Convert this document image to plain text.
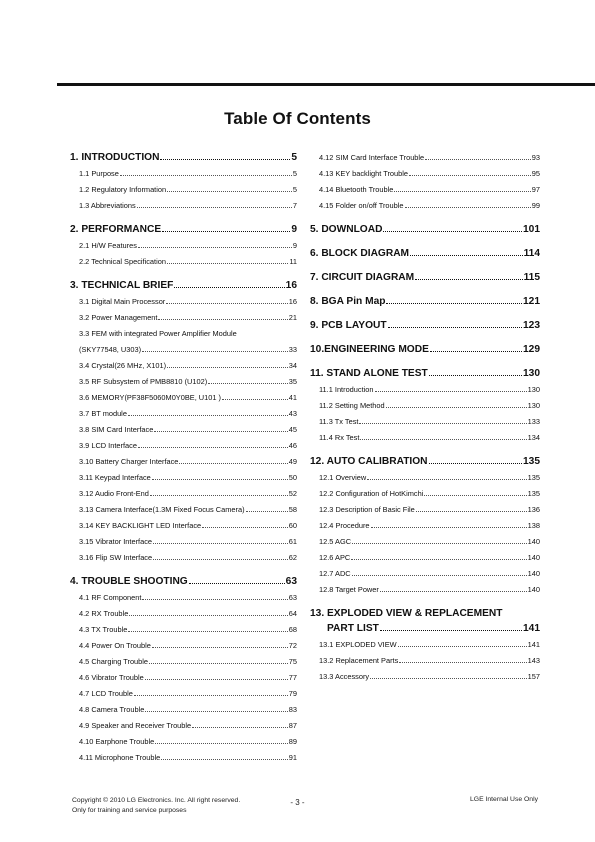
Table Of Contents
1. INTRODUCTION	5
1.1 Purpose	5
1.2 Regulatory Information	5
1.3 Abbreviations	7
2. PERFORMANCE	9
2.1 H/W Features	9
2.2 Technical Specification	11
3. TECHNICAL BRIEF	16
3.1 Digital Main Processor	16
3.2 Power Management	21
3.3 FEM with integrated Power Amplifier Module
(SKY77548, U303)	33
3.4 Crystal(26 MHz, X101)	34
3.5 RF Subsystem of PMB8810 (U102)	35
3.6 MEMORY(PF38F5060M0Y0BE, U101 )	41
3.7 BT module	43
3.8 SIM Card Interface	45
3.9 LCD Interface	46
3.10 Battery Charger Interface	49
3.11 Keypad Interface	50
3.12 Audio Front-End	52
3.13 Camera Interface(1.3M Fixed Focus Camera)	58
3.14 KEY BACKLIGHT LED Interface	60
3.15 Vibrator Interface	61
3.16 Flip SW Interface	62
4. TROUBLE SHOOTING	63
4.1 RF Component	63
4.2 RX Trouble	64
4.3 TX Trouble	68
4.4 Power On Trouble	72
4.5 Charging Trouble	75
4.6 Vibrator Trouble	77
4.7 LCD Trouble	79
4.8 Camera Trouble	83
4.9 Speaker and Receiver Trouble	87
4.10 Earphone Trouble	89
4.11 Microphone Trouble	91
4.12 SIM Card Interface Trouble	93
4.13 KEY backlight Trouble	95
4.14 Bluetooth Trouble	97
4.15 Folder on/off Trouble	99
5. DOWNLOAD	101
6. BLOCK DIAGRAM	114
7. CIRCUIT DIAGRAM	115
8. BGA Pin Map	121
9. PCB LAYOUT	123
10.ENGINEERING MODE	129
11. STAND ALONE TEST	130
11.1 Introduction	130
11.2 Setting Method	130
11.3 Tx Test	133
11.4 Rx Test	134
12. AUTO CALIBRATION	135
12.1 Overview	135
12.2 Configuration of HotKimchi	135
12.3 Description of Basic File	136
12.4 Procedure	138
12.5 AGC	140
12.6 APC	140
12.7 ADC	140
12.8 Target Power	140
13. EXPLODED VIEW & REPLACEMENT
PART LIST	141
13.1 EXPLODED VIEW	141
13.2 Replacement Parts	143
13.3 Accessory	157
Copyright © 2010 LG Electronics. Inc. All right reserved.
Only for training and service purposes
- 3 -	LGE Internal Use Only
